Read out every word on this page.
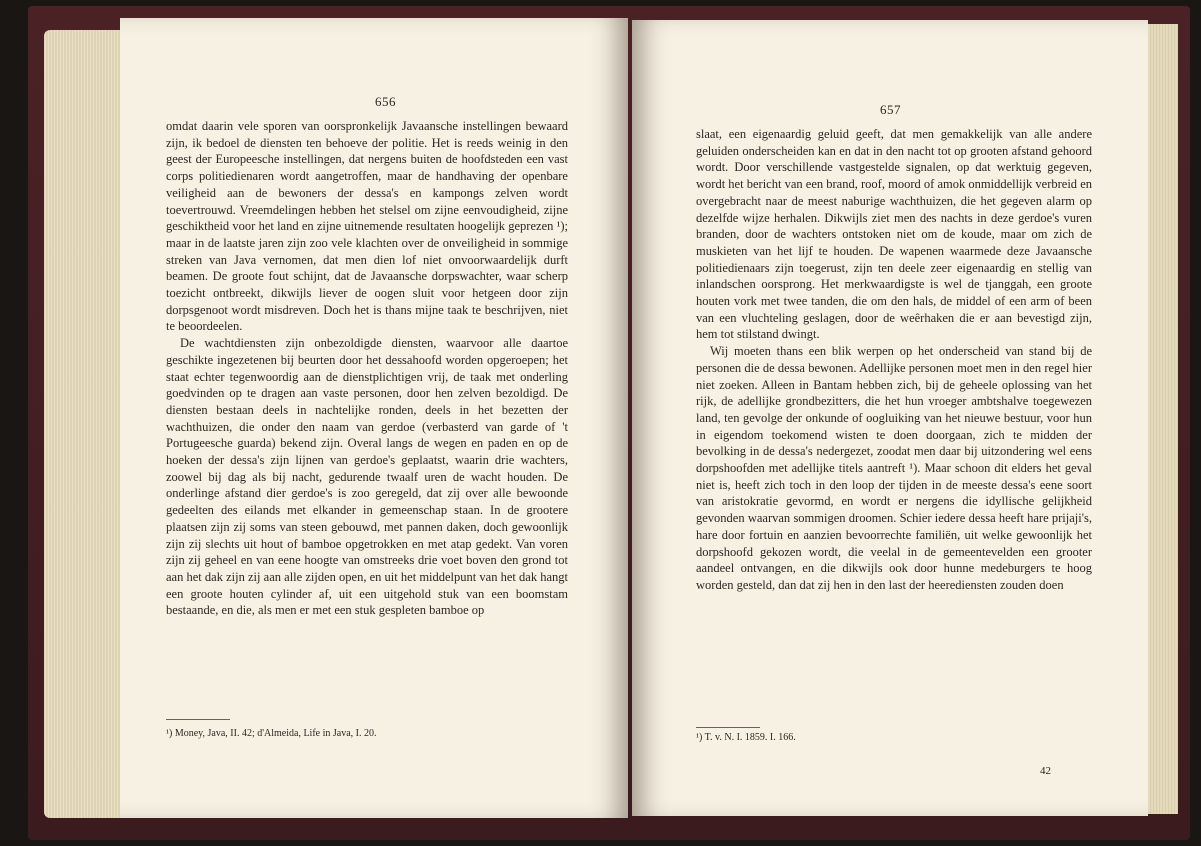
656

omdat daarin vele sporen van oorspronkelijk Javaansche instellingen bewaard zijn, ik bedoel de diensten ten behoeve der politie. Het is reeds weinig in den geest der Europeesche instellingen, dat nergens buiten de hoofdsteden een vast corps politiedienaren wordt aangetroffen, maar de handhaving der openbare veiligheid aan de bewoners der dessa's en kampongs zelven wordt toevertrouwd. Vreemdelingen hebben het stelsel om zijne eenvoudigheid, zijne geschiktheid voor het land en zijne uitnemende resultaten hoogelijk geprezen ¹); maar in de laatste jaren zijn zoo vele klachten over de onveiligheid in sommige streken van Java vernomen, dat men dien lof niet onvoorwaardelijk durft beamen. De groote fout schijnt, dat de Javaansche dorpswachter, waar scherp toezicht ontbreekt, dikwijls liever de oogen sluit voor hetgeen door zijn dorpsgenoot wordt misdreven. Doch het is thans mijne taak te beschrijven, niet te beoordeelen.

De wachtdiensten zijn onbezoldigde diensten, waarvoor alle daartoe geschikte ingezetenen bij beurten door het dessahoofd worden opgeroepen; het staat echter tegenwoordig aan de dienstplichtigen vrij, de taak met onderling goedvinden op te dragen aan vaste personen, door hen zelven bezoldigd. De diensten bestaan deels in nachtelijke ronden, deels in het bezetten der wachthuizen, die onder den naam van gerdoe (verbasterd van garde of 't Portugeesche guarda) bekend zijn. Overal langs de wegen en paden en op de hoeken der dessa's zijn lijnen van gerdoe's geplaatst, waarin drie wachters, zoowel bij dag als bij nacht, gedurende twaalf uren de wacht houden. De onderlinge afstand dier gerdoe's is zoo geregeld, dat zij over alle bewoonde gedeelten des eilands met elkander in gemeenschap staan. In de grootere plaatsen zijn zij soms van steen gebouwd, met pannen daken, doch gewoonlijk zijn zij slechts uit hout of bamboe opgetrokken en met atap gedekt. Van voren zijn zij geheel en van eene hoogte van omstreeks drie voet boven den grond tot aan het dak zijn zij aan alle zijden open, en uit het middelpunt van het dak hangt een groote houten cylinder af, uit een uitgehold stuk van een boomstam bestaande, en die, als men er met een stuk gespleten bamboe op

¹) Money, Java, II. 42; d'Almeida, Life in Java, I. 20.
657

slaat, een eigenaardig geluid geeft, dat men gemakkelijk van alle andere geluiden onderscheiden kan en dat in den nacht tot op grooten afstand gehoord wordt. Door verschillende vastgestelde signalen, op dat werktuig gegeven, wordt het bericht van een brand, roof, moord of amok onmiddellijk verbreid en overgebracht naar de meest naburige wachthuizen, die het gegeven alarm op dezelfde wijze herhalen. Dikwijls ziet men des nachts in deze gerdoe's vuren branden, door de wachters ontstoken niet om de koude, maar om zich de muskieten van het lijf te houden. De wapenen waarmede deze Javaansche politiedienaars zijn toegerust, zijn ten deele zeer eigenaardig en stellig van inlandschen oorsprong. Het merkwaardigste is wel de tjanggah, een groote houten vork met twee tanden, die om den hals, de middel of een arm of been van een vluchteling geslagen, door de weêrhaken die er aan bevestigd zijn, hem tot stilstand dwingt.

Wij moeten thans een blik werpen op het onderscheid van stand bij de personen die de dessa bewonen. Adellijke personen moet men in den regel hier niet zoeken. Alleen in Bantam hebben zich, bij de geheele oplossing van het rijk, de adellijke grondbezitters, die het hun vroeger ambtshalve toegewezen land, ten gevolge der onkunde of oogluiking van het nieuwe bestuur, voor hun in eigendom toekomend wisten te doen doorgaan, zich te midden der bevolking in de dessa's nedergezet, zoodat men daar bij uitzondering wel eens dorpshoofden met adellijke titels aantreft ¹). Maar schoon dit elders het geval niet is, heeft zich toch in den loop der tijden in de meeste dessa's eene soort van aristokratie gevormd, en wordt er nergens die idyllische gelijkheid gevonden waarvan sommigen droomen. Schier iedere dessa heeft hare prijaji's, hare door fortuin en aanzien bevoorrechte familiën, uit welke gewoonlijk het dorpshoofd gekozen wordt, die veelal in de gemeentevelden een grooter aandeel ontvangen, en die dikwijls ook door hunne medeburgers te hoog worden gesteld, dan dat zij hen in den last der heerediensten zouden doen

¹) T. v. N. I. 1859. I. 166.
42
